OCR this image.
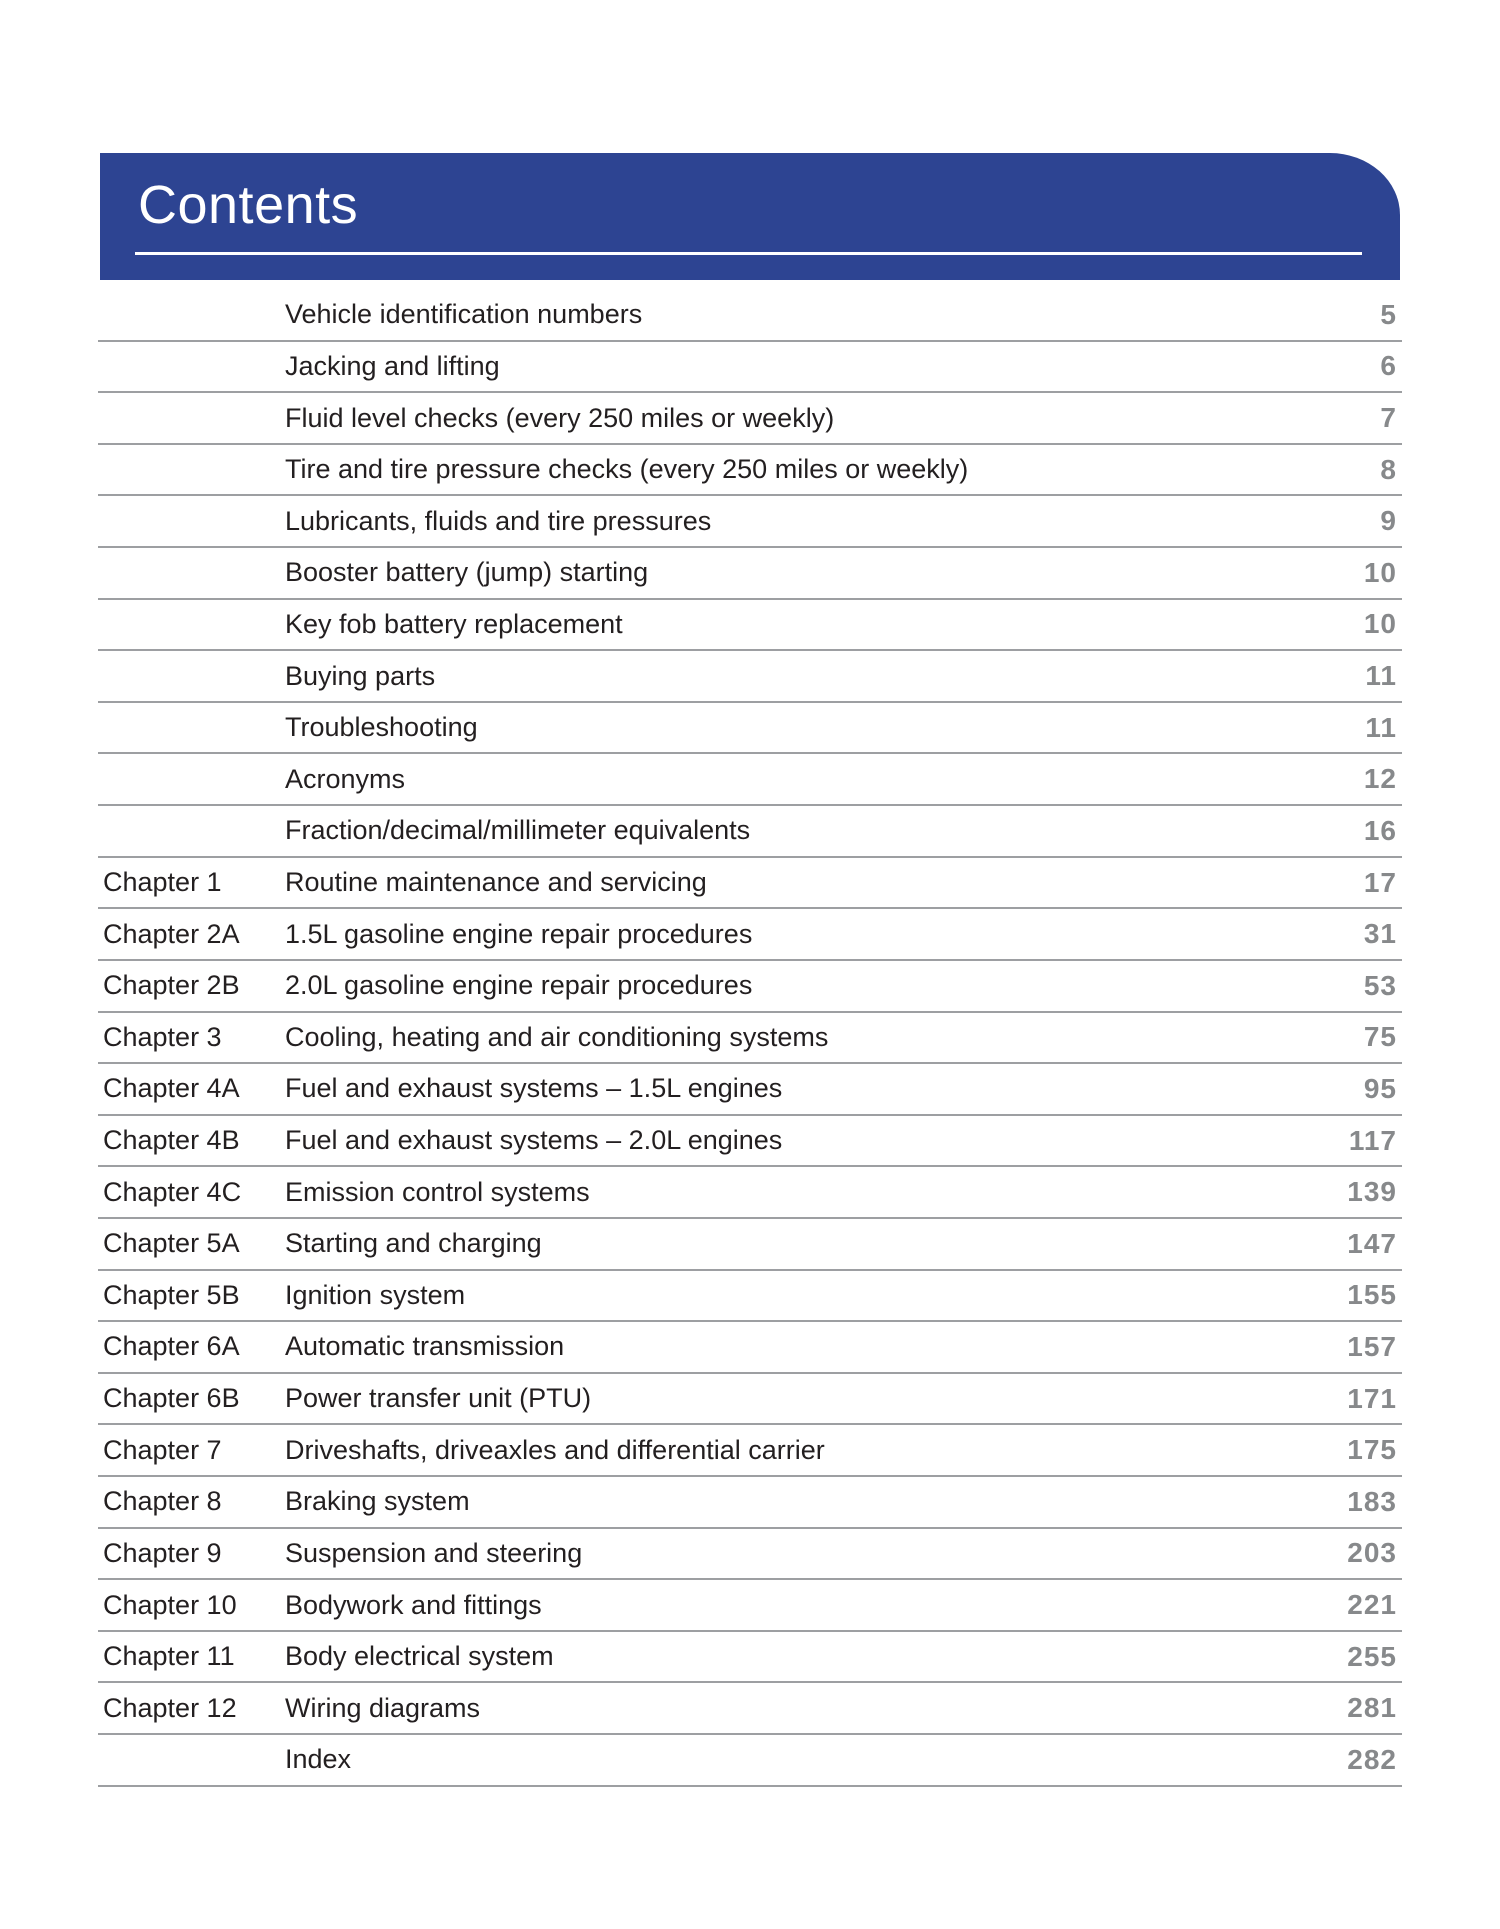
Contents
Vehicle identification numbers	5
Jacking and lifting	6
Fluid level checks (every 250 miles or weekly)	7
Tire and tire pressure checks (every 250 miles or weekly)	8
Lubricants, fluids and tire pressures	9
Booster battery (jump) starting	10
Key fob battery replacement	10
Buying parts	11
Troubleshooting	11
Acronyms	12
Fraction/decimal/millimeter equivalents	16
Chapter 1	Routine maintenance and servicing	17
Chapter 2A	1.5L gasoline engine repair procedures	31
Chapter 2B	2.0L gasoline engine repair procedures	53
Chapter 3	Cooling, heating and air conditioning systems	75
Chapter 4A	Fuel and exhaust systems – 1.5L engines	95
Chapter 4B	Fuel and exhaust systems – 2.0L engines	117
Chapter 4C	Emission control systems	139
Chapter 5A	Starting and charging	147
Chapter 5B	Ignition system	155
Chapter 6A	Automatic transmission	157
Chapter 6B	Power transfer unit (PTU)	171
Chapter 7	Driveshafts, driveaxles and differential carrier	175
Chapter 8	Braking system	183
Chapter 9	Suspension and steering	203
Chapter 10	Bodywork and fittings	221
Chapter 11	Body electrical system	255
Chapter 12	Wiring diagrams	281
Index	282
